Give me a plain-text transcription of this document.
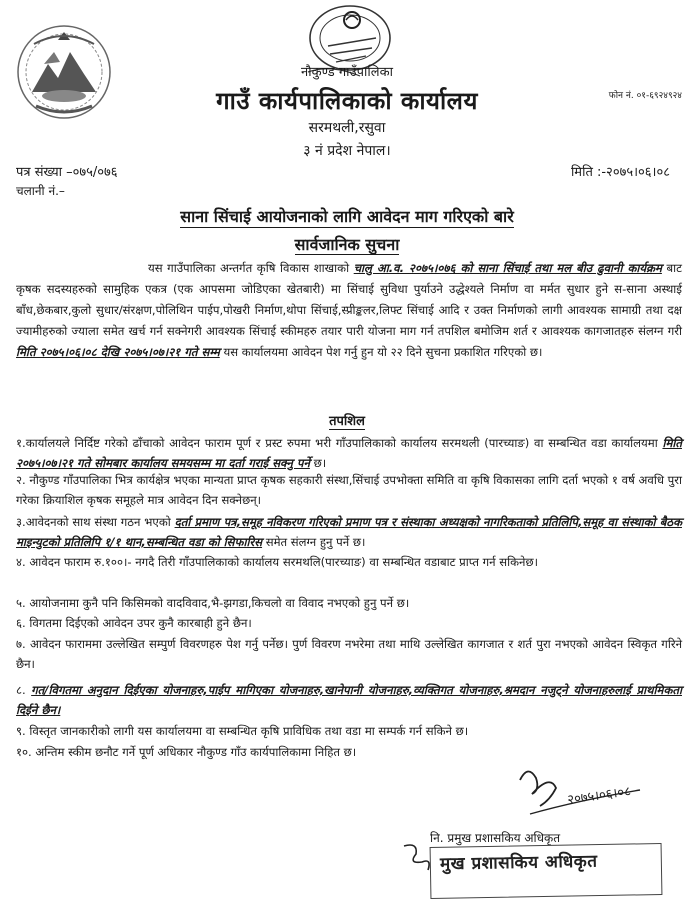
नौकुण्ड गाउँपालिका
गाउँ कार्यपालिकाको कार्यालय
सरमथली,रसुवा
३ नं प्रदेश नेपाल।
फोन नं. ०१-६९२४९२४
पत्र संख्या –०७५/०७६
चलानी नं.–
मिति :-२०७५।०६।०८
साना सिंचाई आयोजनाको लागि आवेदन माग गरिएको बारे
सार्वजानिक सुचना
यस गाउँपालिका अन्तर्गत कृषि विकास शाखाको चालु आ.व. २०७५।०७६ को साना सिंचाई तथा मल बीउ ढुवानी कार्यक्रम बाट कृषक सदस्यहरुको सामुहिक एकत्र (एक आपसमा जोडिएका खेतबारी) मा सिंचाई सुविधा पुर्याउने उद्धेश्यले निर्माण वा मर्मत सुधार हुने स-साना अस्थाई बाँध,छेकबार,कुलो सुधार/संरक्षण,पोलिथिन पाईप,पोखरी निर्माण,थोपा सिंचाई,स्प्रीङ्कलर,लिफ्ट सिंचाई आदि र उक्त निर्माणको लागी आवश्यक सामाग्री तथा दक्ष ज्यामीहरुको ज्याला समेत खर्च गर्न सक्नेगरी आवश्यक सिंचाई स्कीमहरु तयार पारी योजना माग गर्न तपशिल बमोजिम शर्त र आवश्यक कागजातहरु संलग्न गरी मिति २०७५।०६।०८ देखि २०७५।०७।२१ गते सम्म यस कार्यालयमा आवेदन पेश गर्नु हुन यो २२ दिने सुचना प्रकाशित गरिएको छ।
तपशिल
१.कार्यालयले निर्दिष्ट गरेको ढाँचाको आवेदन फाराम पूर्ण र प्रस्ट रुपमा भरी गाँउपालिकाको कार्यालय सरमथली (पारच्याङ) वा सम्बन्धित वडा कार्यालयमा मिति २०७५।०७।२१ गते सोमबार कार्यालय समयसम्म मा दर्ता गराई सक्नु पर्ने छ।
२. नौकुण्ड गाँउपालिका भित्र कार्यक्षेत्र भएका मान्यता प्राप्त कृषक सहकारी संस्था,सिंचाई उपभोक्ता समिति वा कृषि विकासका लागि दर्ता भएको १ वर्ष अवधि पुरा गरेका क्रियाशिल कृषक समूहले मात्र आवेदन दिन सक्नेछन्।
३.आवेदनको साथ संस्था गठन भएको दर्ता प्रमाण पत्र,समूह नविकरण गरिएको प्रमाण पत्र र संस्थाका अध्यक्षको नागरिकताको प्रतिलिपि,समूह वा संस्थाको बैठक माइन्युटको प्रतिलिपि १/१ थान,सम्बन्धित वडा को सिफारिस समेत संलग्न हुनु पर्ने छ।
४. आवेदन फाराम रु.१००।- नगदै तिरी गाँउपालिकाको कार्यालय सरमथलि(पारच्याङ) वा सम्बन्धित वडाबाट प्राप्त गर्न सकिनेछ।
५. आयोजनामा कुनै पनि किसिमको वादविवाद,भै-झगडा,किचलो वा विवाद नभएको हुनु पर्ने छ।
६. विगतमा दिईएको आवेदन उपर कुनै कारबाही हुने छैन।
७. आवेदन फाराममा उल्लेखित सम्पुर्ण विवरणहरु पेश गर्नु पर्नेछ। पुर्ण विवरण नभरेमा तथा माथि उल्लेखित कागजात र शर्त पुरा नभएको आवेदन स्विकृत गरिने छैन।
८. गत/विगतमा अनुदान दिईएका योजनाहरु,पाईप मागिएका योजनाहरु,खानेपानी योजनाहरु,व्यक्तिगत योजनाहरु,श्रमदान नजुट्ने योजनाहरुलाई प्राथमिकता दिईने छैन।
९. विस्तृत जानकारीको लागी यस कार्यालयमा वा सम्बन्धित कृषि प्राविधिक तथा वडा मा सम्पर्क गर्न सकिने छ।
१०. अन्तिम स्कीम छनौट गर्ने पूर्ण अधिकार नौकुण्ड गाँउ कार्यपालिकामा निहित छ।
२०७५।०६।०८
नि. प्रमुख प्रशासकिय अधिकृत
मुख प्रशासकिय अधिकृत
